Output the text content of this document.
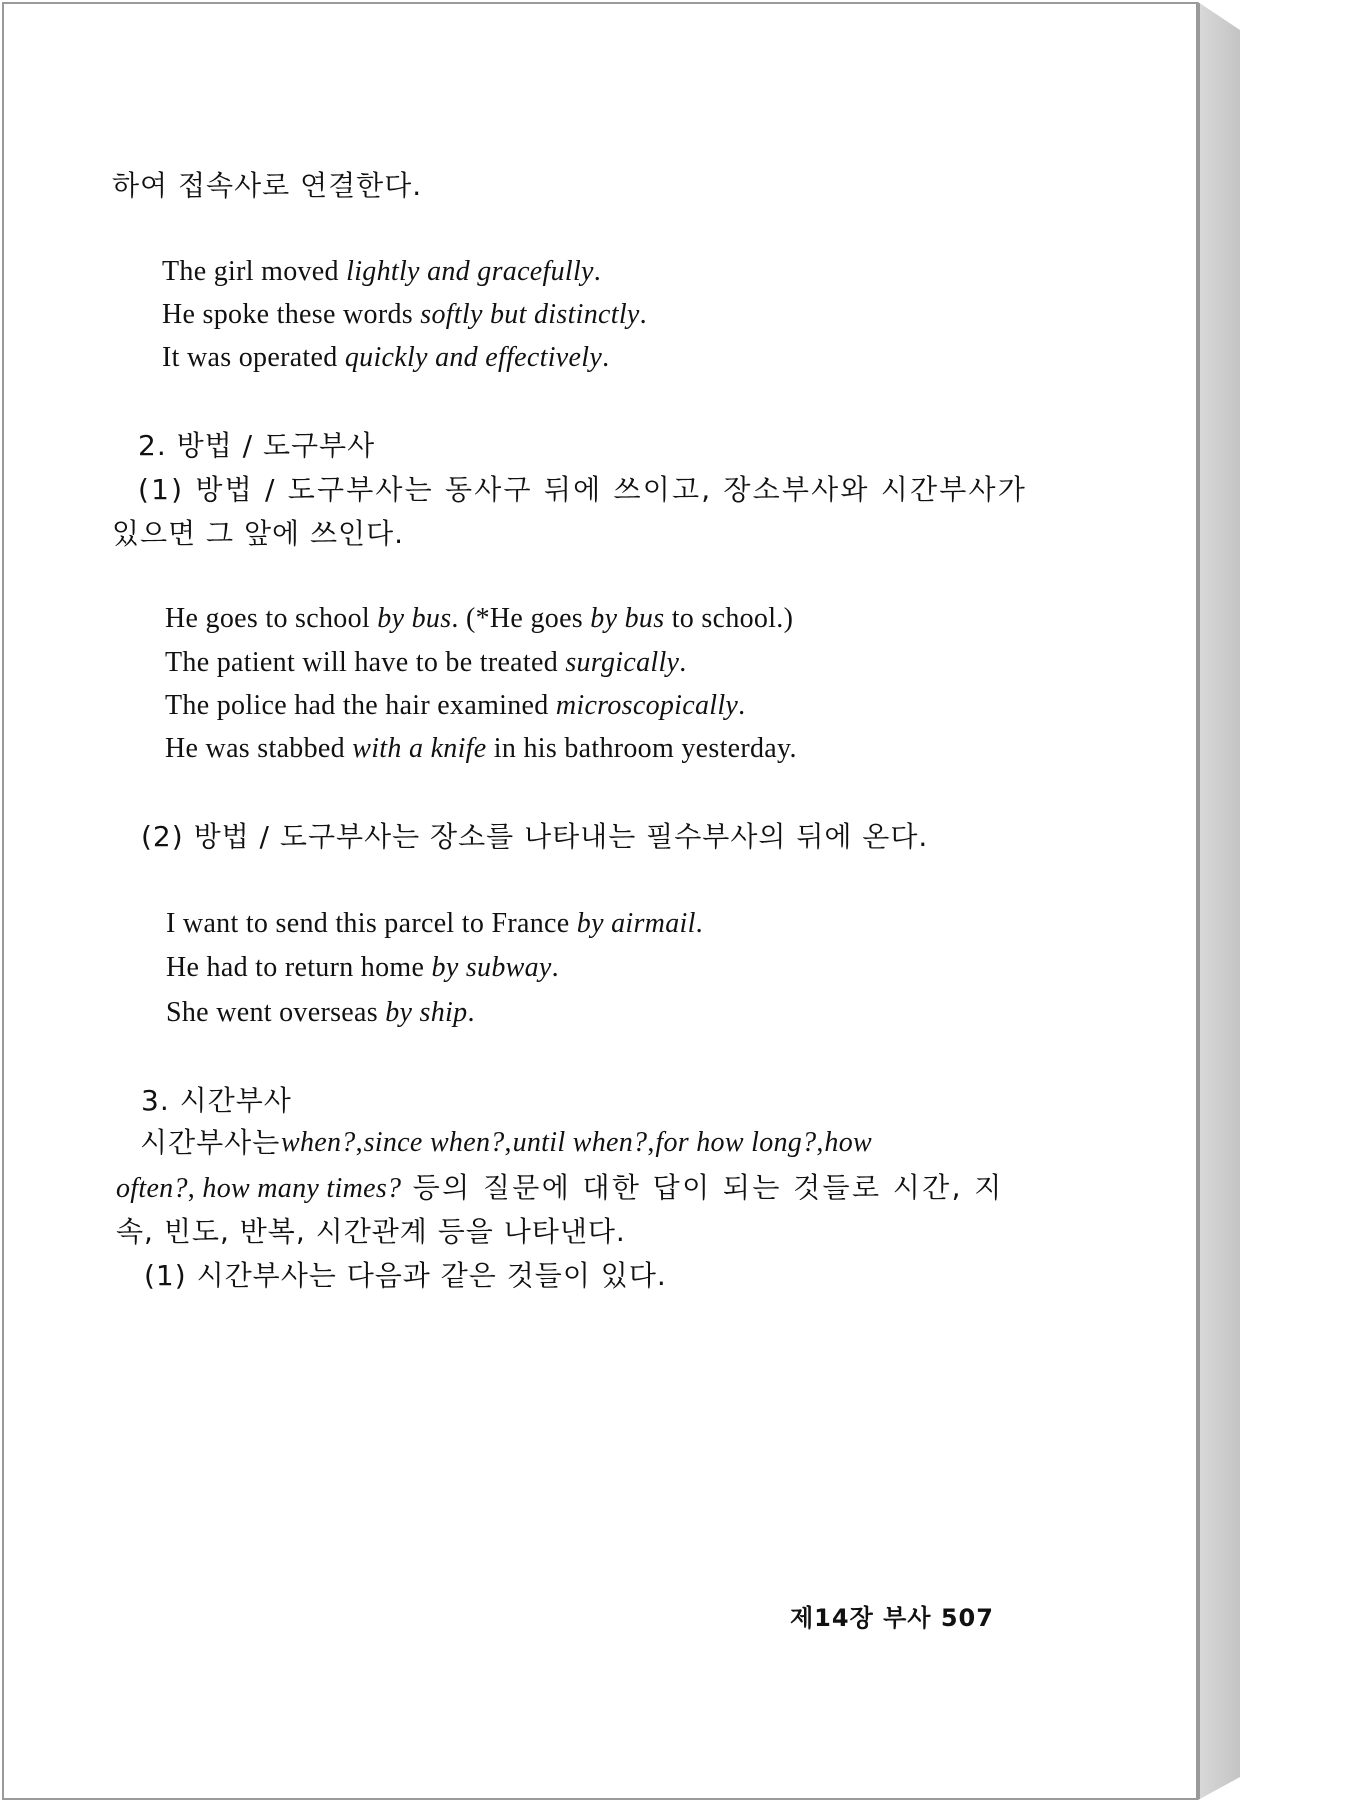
하여 접속사로 연결한다.
The girl moved lightly and gracefully.
He spoke these words softly but distinctly.
It was operated quickly and effectively.
2. 방법 / 도구부사
(1) 방법 / 도구부사는 동사구 뒤에 쓰이고, 장소부사와 시간부사가
있으면 그 앞에 쓰인다.
He goes to school by bus. (*He goes by bus to school.)
The patient will have to be treated surgically.
The police had the hair examined microscopically.
He was stabbed with a knife in his bathroom yesterday.
(2) 방법 / 도구부사는 장소를 나타내는 필수부사의 뒤에 온다.
I want to send this parcel to France by airmail.
He had to return home by subway.
She went overseas by ship.
3. 시간부사
시간부사는 when?, since when?, until when?, for how long?, how
often?, how many times? 등의 질문에 대한 답이 되는 것들로 시간, 지
속, 빈도, 반복, 시간관계 등을 나타낸다.
(1) 시간부사는 다음과 같은 것들이 있다.
제14장 부사 507
